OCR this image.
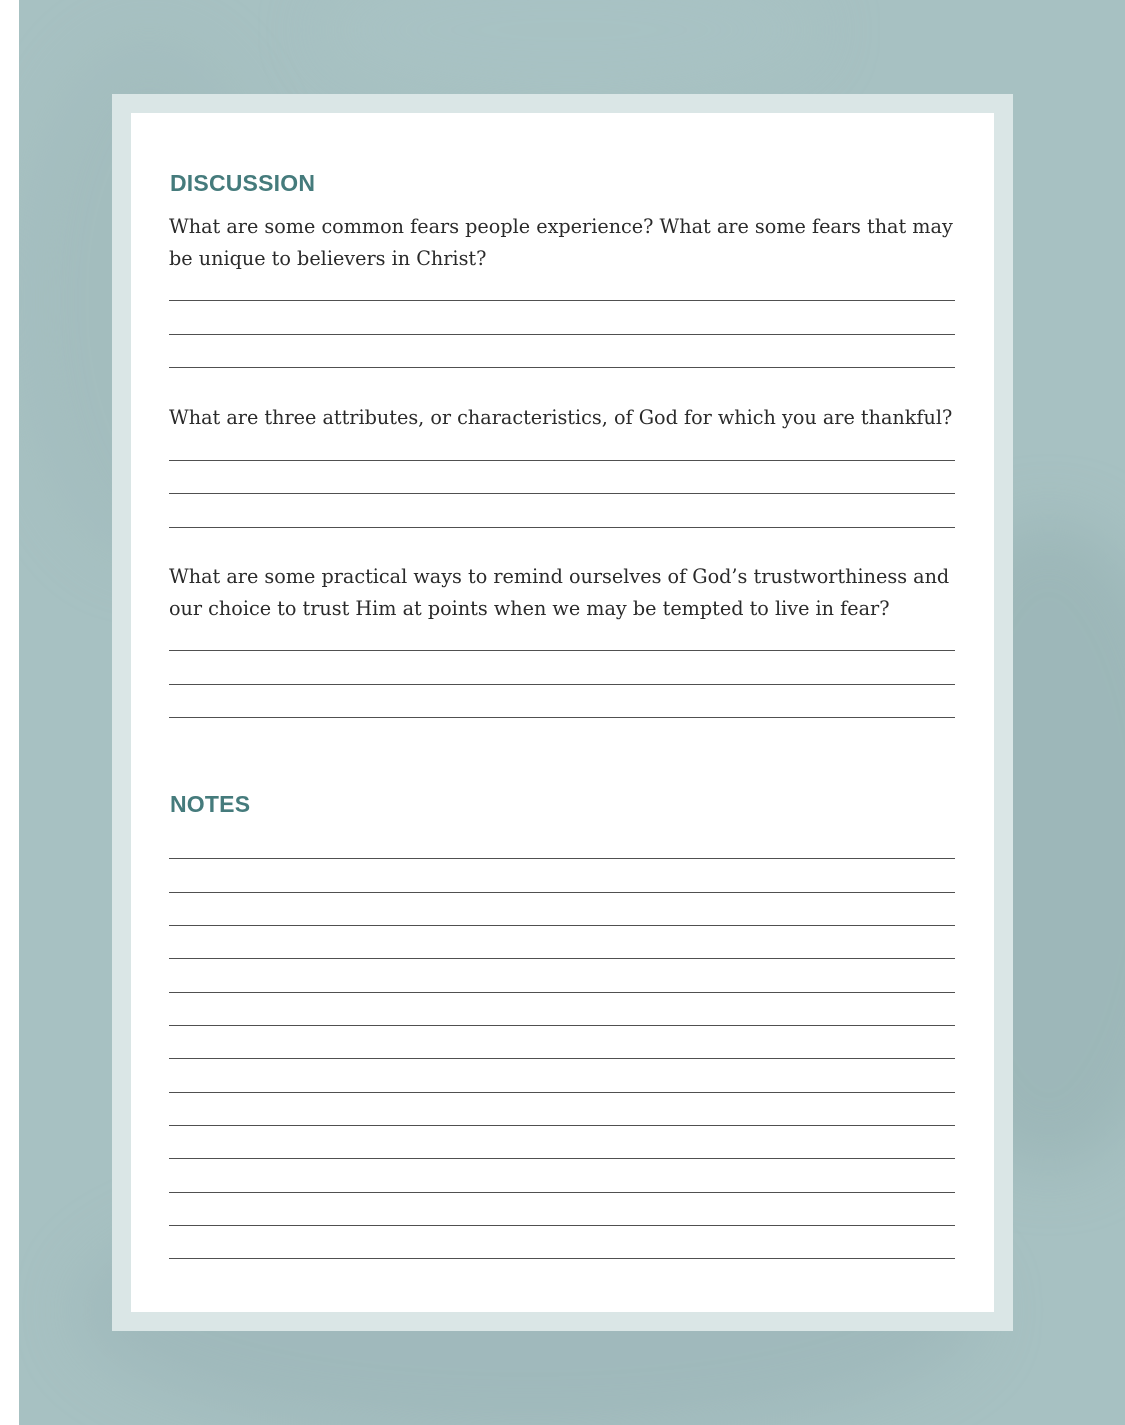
DISCUSSION
What are some common fears people experience? What are some fears that may
be unique to believers in Christ?
What are three attributes, or characteristics, of God for which you are thankful?
What are some practical ways to remind ourselves of God’s trustworthiness and
our choice to trust Him at points when we may be tempted to live in fear?
NOTES
